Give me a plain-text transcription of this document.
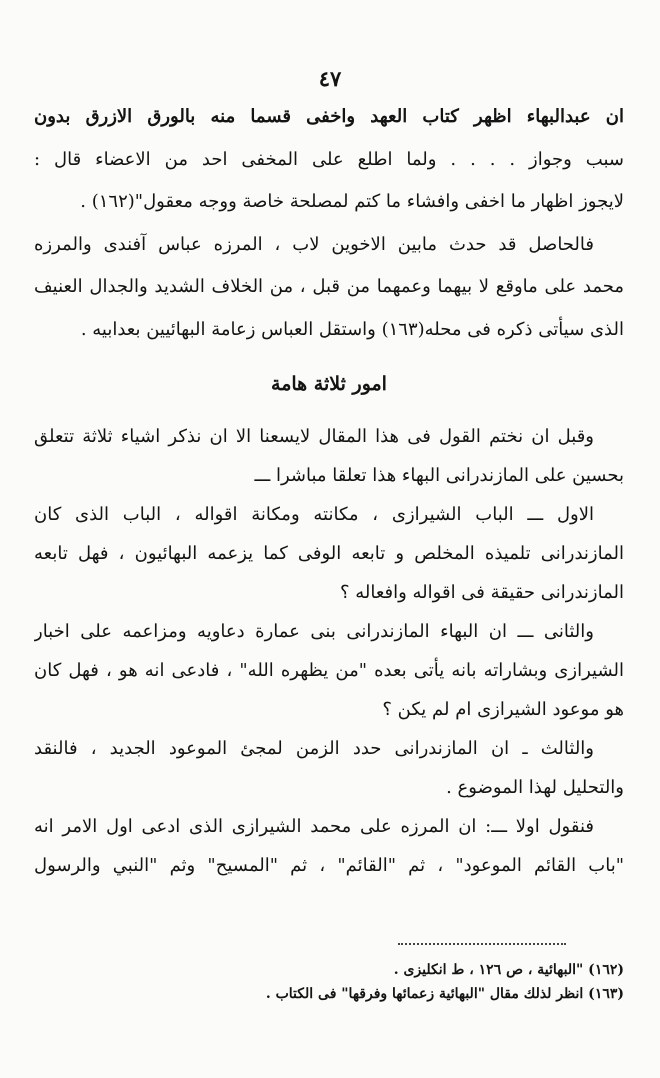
٤٧
ان عبدالبهاء اظهر كتاب العهد واخفى قسما منه بالورق الازرق بدون
سبب وجواز . . . . ولما اطلع على المخفى احد من الاعضاء قال :
لايجوز اظهار ما اخفى وافشاء ما كتم لمصلحة خاصة ووجه معقول"(١٦٢) .
فالحاصل قد حدث مابين الاخوين لاب ، المرزه عباس آفندى والمرزه
محمد على ماوقع لا بيهما وعمهما من قبل ، من الخلاف الشديد والجدال العنيف
الذى سيأتى ذكره فى محله(١٦٣) واستقل العباس زعامة البهائيين بعدابيه .
امور ثلاثة هامة
وقبل ان نختم القول فى هذا المقال لايسعنا الا ان نذكر اشياء ثلاثة تتعلق
بحسين على المازندرانى البهاء هذا تعلقا مباشرا ـــ
الاول ـــ الباب الشيرازى ، مكانته ومكانة اقواله ، الباب الذى كان
المازندرانى تلميذه المخلص و تابعه الوفى كما يزعمه البهائيون ، فهل تابعه
المازندرانى حقيقة فى اقواله وافعاله ؟
والثانى ـــ ان البهاء المازندرانى بنى عمارة دعاويه ومزاعمه على اخبار
الشيرازى وبشاراته بانه يأتى بعده "من يظهره الله" ، فادعى انه هو ، فهل كان
هو موعود الشيرازى ام لم يكن ؟
والثالث ـ ان المازندرانى حدد الزمن لمجئ الموعود الجديد ، فالنقد
والتحليل لهذا الموضوع .
فنقول اولا ـــ: ان المرزه على محمد الشيرازى الذى ادعى اول الامر انه
"باب القائم الموعود" ، ثم "القائم" ، ثم "المسيح" وثم "النبي والرسول
(١٦٢) "البهائية ، ص ١٢٦ ، ط انكليزى .
(١٦٣) انظر لذلك مقال "البهائية زعمائها وفرقها" فى الكتاب .
